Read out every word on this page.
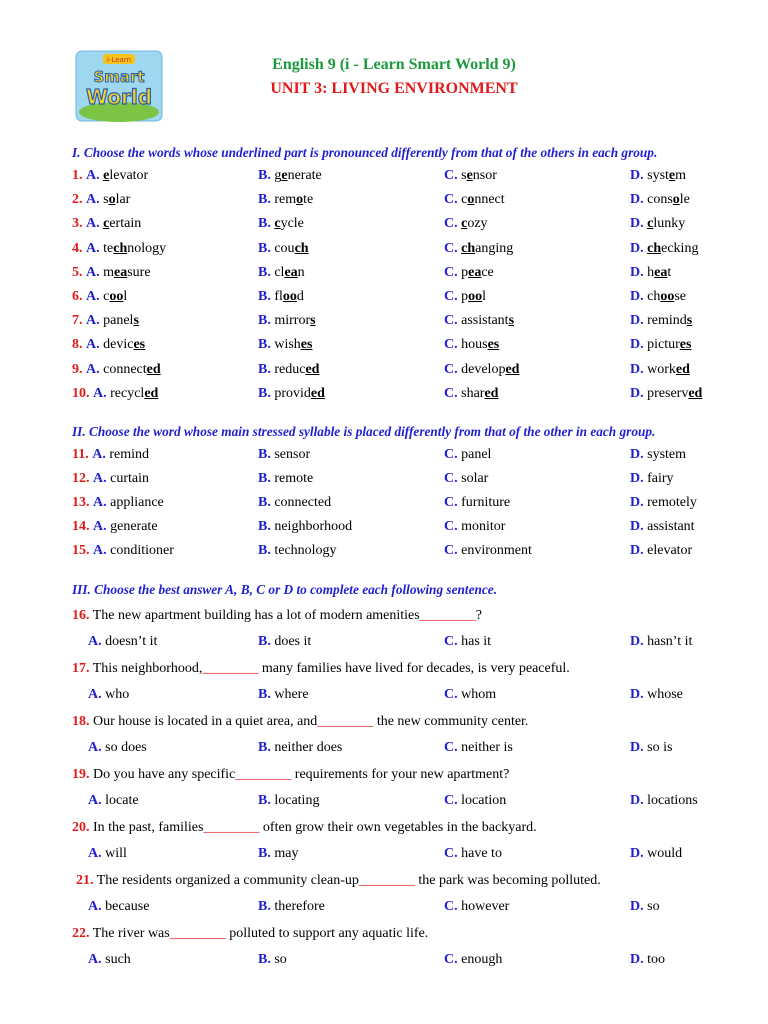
i-Learn
Smart
World
English 9 (i - Learn Smart World 9)
UNIT 3: LIVING ENVIRONMENT
I. Choose the words whose underlined part is pronounced differently from that of the others in each group.
1. A. elevator	B. generate	C. sensor	D. system
2. A. solar	B. remote	C. connect	D. console
3. A. certain	B. cycle	C. cozy	D. clunky
4. A. technology	B. couch	C. changing	D. checking
5. A. measure	B. clean	C. peace	D. heat
6. A. cool	B. flood	C. pool	D. choose
7. A. panels	B. mirrors	C. assistants	D. reminds
8. A. devices	B. wishes	C. houses	D. pictures
9. A. connected	B. reduced	C. developed	D. worked
10. A. recycled	B. provided	C. shared	D. preserved
II. Choose the word whose main stressed syllable is placed differently from that of the other in each group.
11. A. remind	B. sensor	C. panel	D. system
12. A. curtain	B. remote	C. solar	D. fairy
13. A. appliance	B. connected	C. furniture	D. remotely
14. A. generate	B. neighborhood	C. monitor	D. assistant
15. A. conditioner	B. technology	C. environment	D. elevator
III. Choose the best answer A, B, C or D to complete each following sentence.
16. The new apartment building has a lot of modern amenities________?
A. doesn’t it	B. does it	C. has it	D. hasn’t it
17. This neighborhood,________ many families have lived for decades, is very peaceful.
A. who	B. where	C. whom	D. whose
18. Our house is located in a quiet area, and________ the new community center.
A. so does	B. neither does	C. neither is	D. so is
19. Do you have any specific________ requirements for your new apartment?
A. locate	B. locating	C. location	D. locations
20. In the past, families________ often grow their own vegetables in the backyard.
A. will	B. may	C. have to	D. would
21. The residents organized a community clean-up________ the park was becoming polluted.
A. because	B. therefore	C. however	D. so
22. The river was________ polluted to support any aquatic life.
A. such	B. so	C. enough	D. too
